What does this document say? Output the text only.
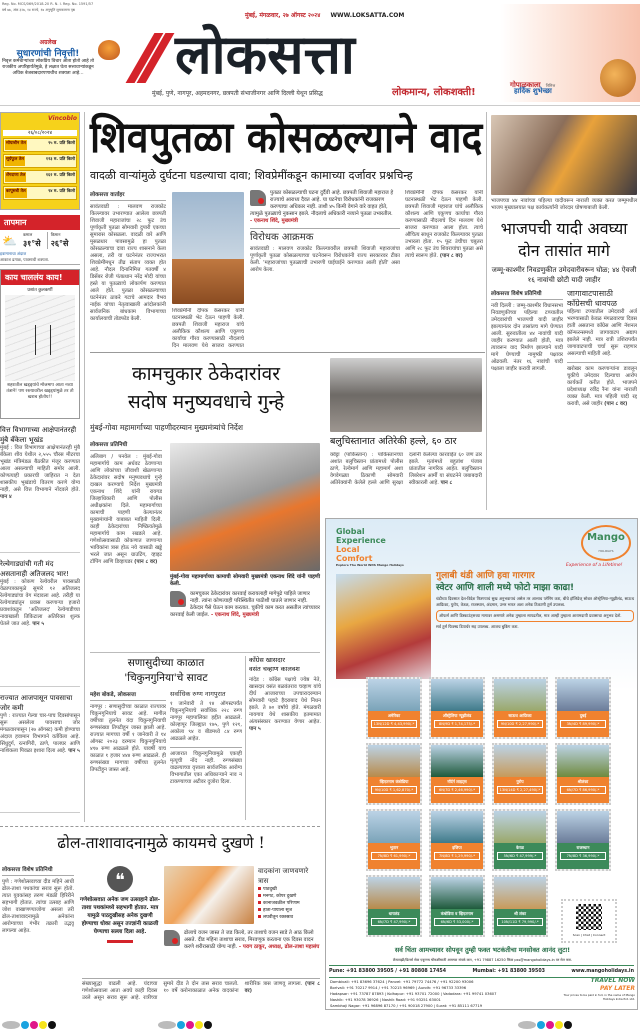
Reg. No. MCS/069/2018-20 R. N. I. Reg. No. 1591/57
वर्ष ७७, अंक ३२७, १४ राज्ये, १७ अनुभूति शुभकामना पृष्ठ
अग्रलेख
सुधारणांची निवृत्ती!
निवृत्त कर्मचाऱ्यांच्या लोकप्रिय विचार आता होतो आहे तो राजकीय अपरिहार्यतेमुळे, हे लक्षात घेता सत्ताधाऱ्यांकडून अधिक बेजबाबदारपणाचीच शक्यता आहे...
मुंबई, मंगळवार, २७ ऑगस्ट २०२४ WWW.LOKSATTA.COM
लोकसत्ता
मुंबई, पुणे, नागपूर, अहमदनगर, छत्रपती संभाजीनगर आणि दिल्ली येथून प्रसिद्ध	लोकमान्य, लोकशक्ती!
गोपाळकाला निमित्त
हार्दिक शुभेच्छा
Vincoblo
२६/०८/२०२४
सोयाबीन तेल	९५ रु. प्रति किलो
सूर्यफूल तेल	१२३ रु. प्रति किलो
शेंगदाणा तेल	१६२ रु. प्रति किलो
कापूसबी तेल	९४ रु. प्रति किलो
तापमान
⛅ कमाल
३१°से
किमान
२६°से
हवामानाचा अंदाज
आकाश ढगाळ, पावसाची शक्यता.
काय चाललंय काय!
प्रशांत कुलकर्णी
शहरातील खड्ड्यांचे मोजमाप आता नव्या तंत्राने! पण रस्त्यावरील खड्ड्यांमुळे तर तो खराब होतोय!!
वित्त विभागाच्या आक्षेपानंतरही मुंबै बँकेला भूखंड
मुंबई : वित्त विभागाच्या आक्षेपानंतरही मुंबै बँकेला शीव येथील २,५५५ चौरस मीटरचा भूखंड मंत्रिमंडळ बैठकीत मंजूर करण्यात आला असल्याची माहिती समोर आली. कोणत्याही प्रकारची जाहिरात न देता शासकीय भूखंडाचे वितरण करणे योग्य नाही, असे वित्त विभागाने नोंदवले होते. पान ४
रेल्वेगाड्यांची गती मंद असतानाही अतिजलद भार!
मुंबई : कोकण रेल्वेवरील पावसाळी वेळापत्रकामुळे सुमारे १२ अतिजलद रेल्वेगाड्यांचा वेग मंदावला आहे. तरीही या रेल्वेगाड्यांतून प्रवास करणाऱ्या हजारो प्रवाशांकडून 'अतिजलद' रेल्वेगाडीच्या नावाखाली तिकिटाला अतिरिक्त शुल्क घेतले जात आहे. पान ५
राज्यात आजपासून पावसाचा जोर कमी
पुणे : राज्यात गेल्या चार-पाच दिवसांपासून सुरू असलेला पावसाचा जोर मंगळवारपासून (२७ ऑगस्ट) कमी होण्याचा अंदाज हवामान विभागाने वर्तविला आहे. सिंधुदुर्ग, रत्नागिरी, ठाणे, पालघर आणि नाशिकला पिवळा इशारा दिला आहे. पान ५
शिवपुतळा कोसळल्याने वाद
वादळी वाऱ्यांमुळे दुर्घटना घडल्याचा दावा; शिवप्रेमींकडून कामाच्या दर्जावर प्रश्नचिन्ह
लोकसत्ता वार्ताहर
सावंतवाडी : मालवण राजकोट किल्ल्यावर उभारण्यात आलेला छत्रपती शिवाजी महाराजांचा २८ फूट उंच पूर्णाकृती पुतळा सोमवारी दुपारी एकच्या सुमारास कोसळला. वादळी वारे आणि मुसळधार पावसामुळे हा पुतळा कोसळल्याचा दावा राज्य शासनाने केला असला, तरी या घटनेनंतर राज्यभरात शिवप्रेमींमधून तीव्र संताप व्यक्त होत आहे. नौदल दिनानिमित्त गतवर्षी ४ डिसेंबर रोजी पंतप्रधान नरेंद्र मोदी यांच्या हस्ते या पुतळ्याचे लोकार्पण करण्यात आले होते. पुतळा कोसळल्याच्या घटनेनंतर ठाकरे गटाचे आमदार वैभव नाईक यांच्या नेतृत्वाखाली आंदोलकांनी सार्वजनिक बांधकाम विभागाच्या कार्यालयाची तोडफोड केली.
शिवप्रेमींनी दीपक केसरकर यांनी घटनास्थळी भेट देऊन पाहणी केली. छत्रपती शिवाजी महाराज यांचे अलौकिक कौशल्य आणि एकूणच कार्याचा गौरव करण्यासाठी नौदलाचे दिन मालवण येथे साजरा करण्यात
पुतळा कोसळल्याची घटना दुर्दैवी आहे. छत्रपती शिवाजी महाराज हे राज्याचे आराध्य दैवत आहे. या घटनेचा विरोधकांनी राजकारण करण्याचा अधिकार नाही. ताशी ४५ किमी वेगाने वारे वाहत होते, त्यामुळे पुतळ्याचे नुकसान झाले. नौदलाचे अधिकारी नव्याने पुतळा उभारतील.
- एकनाथ शिंदे, मुख्यमंत्री
विरोधक आक्रमक
सावंतवाडी : मालवण राजकोट किल्ल्यावरील छत्रपती शिवाजी महाराजांचा पूर्णाकृती पुतळा कोसळल्याच्या घटनेवरून विरोधकांनी राज्य सरकारवर टीका केली. 'महाराजांच्या पुतळ्याची उभारणी घाईघाईने करण्यात आली होती' असा आरोप केला.
शिवप्रेमींनी दीपक केसरकर यांनी घटनास्थळी भेट देऊन पाहणी केली. छत्रपती शिवाजी महाराज यांचे अलौकिक कौशल्य आणि एकूणच कार्याचा गौरव करण्यासाठी नौदलाचे दिन मालवण येथे साजरा करण्यात आला होता. त्याचे औचित्य साधून राजकोट किल्ल्यावर पुतळा उभारला होता. १५ फूट उंचीचा चबुतरा आणि २८ फूट उंच शिवरायांचा पुतळा असे त्याचे स्वरूप होते. (पान ८ वर)
भाजपच्या ४४ नावांच्या पहिल्या यादीवरून नाराजी व्यक्त करत जम्मूमधील भाजप मुख्यालयात पक्ष कार्यकर्त्यांनी जोरदार घोषणाबाजी केली.
भाजपची यादी अवघ्या दोन तासांत मागे
जम्मू-काश्मीर निवडणुकीत उमेदवारीवरून घोळ; ४४ ऐवजी १६ नावांची छोटी यादी जाहीर
लोकसत्ता विशेष प्रतिनिधी
नवी दिल्ली : जम्मू-काश्मीर विधानसभा निवडणुकीच्या पहिल्या टप्प्यातील उमेदवारांची भाजपची यादी जाहीर झाल्यानंतर दोन तासांतच मागे घेण्यात आली. सुरुवातीला ४४ नावांची यादी जाहीर करण्यात आली होती, मात्र त्यावरून वाद निर्माण झाल्याने यादी मागे घेण्याची नामुष्की पक्षावर ओढवली. नंतर १६ नावांची यादी पक्षाला जाहीर करावी लागली.
जागावाटपासाठी काँग्रेसची धावपळ
पहिल्या टप्प्यातील उमेदवारी अर्ज भरण्यासाठी केवळ मंगळवारचा दिवस हाती असताना काँग्रेस आणि नॅशनल कॉन्फरन्समध्ये जागावाटप अद्याप झालेले नाही. मात्र रात्री उशिरापर्यंत जागावाटपाची चर्चा सुरू राहणार असल्याची माहिती आहे.
खरोखर काम करणाऱ्यांना डावलून चुकीचे उमेदवार दिल्याचा आरोप कार्यकर्ते करीत होते. भाजपने प्रदेशाध्यक्ष रवींद्र रैना यांना नाराजी व्यक्त केली. मात्र पहिली यादी रद्द करावी, असे जाहीर (पान ८ वर)
कामचुकार ठेकेदारांवर
सदोष मनुष्यवधाचे गुन्हे
मुंबई-गोवा महामार्गाच्या पाहणीदरम्यान मुख्यमंत्र्यांचे निर्देश
लोकसत्ता प्रतिनिधी
अलिबाग / पनवेल : मुंबई-गोवा महामार्गाचे काम अर्धवट ठेवणाऱ्या आणि लोकांच्या जीवाशी खेळणाऱ्या ठेकेदारांवर सदोष मनुष्यवधाचे गुन्हे दाखल करण्याचे निर्देश मुख्यमंत्री एकनाथ शिंदे यांनी रायगड जिल्हाधिकारी आणि पोलीस अधीक्षकांना दिले. महामार्गाच्या कामाची पाहणी केल्यानंतर मुख्यमंत्र्यांनी याबाबत माहिती दिली. काही ठेकेदारांच्या निष्क्रियतेमुळे महामार्गाचे काम रखडले आहे. गणेशोत्सवासाठी कोकणात जाणाऱ्या भाविकांना त्रास होऊ नये यासाठी खड्डे भरले जात असून ग्राउटिंग, व्हाइट टॉपिंग आणि डिव्हायडर (पान ८ वर)
मुंबई-गोवा महामार्गाच्या कामाची सोमवारी मुख्यमंत्री एकनाथ शिंदे यांनी पाहणी केली.
कामचुकार ठेकेदारांवर कारवाई करायलाही मागेपुढे पाहिले जाणार नाही. त्यांना कोणत्याही परिस्थितीत पाठीशी घातले जाणार नाही. ठेकेदार पैसे घेऊन काम करतात. चुकीचे काम करत असतील त्यांच्यावर कारवाई केली जाईल. - एकनाथ शिंदे, मुख्यमंत्री
बलुचिस्तानात अतिरेकी हल्ले, ६० ठार
क्वेट्टा (पाकिस्तान) : पाकिस्तानच्या अशांत बलुचिस्तान प्रांतामध्ये पोलीस ठाणे, रेल्वेमार्ग आणि महामार्ग अशा वेगवेगळ्या ठिकाणी सोमवारी अतिरेक्यांनी केलेले हल्ले आणि सुरक्षा दलांनी केलेल्या कारवाईत ६० जण ठार झाले. मृतांमध्ये बहुतांश पंजाब प्रांतातील नागरिक आहेत. बलुचिस्तान लिबरेशन आर्मी या संघटनेने जबाबदारी स्वीकारली आहे. पान ८
सणासुदीच्या काळात
'चिकुनगुनिया'चे सावट
महेश बोकडे, लोकसत्ता
नागपूर : सणासुदीच्या काळात राज्यावर चिकुनगुनियाचे सावट आहे. मागील वर्षीच्या तुलनेत यंदा चिकुनगुनियाची रुग्णसंख्या तिपटीहून जास्त झाली आहे. राज्यात मागच्या वर्षी १ जानेवारी ते १४ ऑगस्ट २०२३ दरम्यान चिकुनगुनियाचे ४१७ रुग्ण आढळले होते. यावर्षी याच काळात १ हजार ४४४ रुग्ण आढळले. ही रुग्णसंख्या मागच्या वर्षीच्या तुलनेत तिपटीहून जास्त आहे.
सर्वाधिक रुग्ण नागपुरात
१ जानेवारी ते १४ ऑगस्टपर्यंत चिकुनगुनियाचे सर्वाधिक २२८ रुग्ण नागपूर महापालिका हद्दीत आढळले. कोल्हापूर जिल्ह्यात १७५, पुणे १२१, अकोला ९४ व बीडमध्ये ८४ रुग्ण आढळले आहेत.
आजारात चिकुनगुनियामुळे एकाही मृत्यूची नोंद नाही. रुग्णसंख्या वाढल्याच्या वृत्ताला सार्वजनिक आरोग्य विभागातील एका अधिकाऱ्याने नाव न टाकण्याच्या अटीवर दुजोरा दिला.
कॉंग्रेस खासदार
वसंत चव्हाण कालवश
नांदेड : काँग्रेस पक्षाचे ज्येष्ठ नेते, खासदार वसंत बळवंतराव चव्हाण यांचे दीर्घ आजाराच्या उपचारादरम्यान सोमवारी पहाटे हैदराबाद येथे निधन झाले. ते ७० वर्षांचे होते. मंगळवारी नायगाव येथे शासकीय इतमामात अंत्यसंस्कार करण्यात येणार आहेत. पान ५
ढोल-ताशावादनामुळे कायमचे दुखणे !
लोकसत्ता विशेष प्रतिनिधी
पुणे : गणेशोत्सवाच्या दीड महिने आधी ढोल-ताशा पथकांचा सराव सुरू होतो. त्यात युवकांसह तरुण मंडळी हिरिरीने सहभागी होतात. त्यांचा उत्साह आणि जोश वाखाणण्याजोगा असला तरी ढोल-ताशावादनामुळे अनेकांना आरोग्याच्या गंभीर तक्रारी उद्भवू लागल्या आहेत.
❝
गणेशोत्सवात अनेक जण उत्साहाने ढोल-ताशा पथकांमध्ये सहभागी होतात. मात्र यामुळे पाठदुखीसह अनेक दुखणी होण्याचा धोका असून तज्ज्ञांनी काळजी घेण्याचा सल्ला दिला आहे.
वादकांना जाणवणारे त्रास
पाठदुखी
मनगट, कोपर दुखणे
कानाजवळील परिणाम
हाता-पायाला सूज
लघवीतून रक्तस्राव
ढोलाचे वजन जास्त ते जड किलो, तर ताशाचे वजन साडे ते आठ किलो असते. दीड महिना ताशाचा सराव, मिरवणूक करताना एक दिवस वादन करणे शरीरासाठी योग्य नाही. - पराग ठाकूर, अध्यक्ष, ढोल-ताशा महासंघ
संख्यासुद्धा वाढली आहे. यंदाच्या गणेशोत्सवाला आता अवघे काही दिवस उरले असून सराव सुरू आहे. रात्रीच्या सुमारे दीड ते दोन तास सराव चालतो. १० वर्षे करोनाकाळात अनेक वादकांना शारीरिक त्रास जाणवू लागला. (पान ८ वर)
Global
Experience
Local
Comfort
Explore The World With Mango Holidays
Mango
HOLIDAYS
Experience of a Lifetime!
गुलाबी थंडी आणि हवा गारगार
स्वेटर आणि शाली मध्ये फोटो माझा काढा!
थंडीच्या दिवसात देश-विदेश फिरण्याचं सुख अनुभवायचं असेल तर आत्ताच प्लॅनिंग करा, बीचे हॉलिडेज् सोबत ऑस्ट्रेलिया-न्यूझीलंड, साऊथ आफ्रिका, युरोप, केरळ, राजस्थान, अंदमान, उत्तर भारत अशा अनेक ठिकाणी टूर्स उपलब्ध.
ऑफर्स आणि डिस्काउंट्सच्या मागावर असणारे अनेक तुम्हाला सापडतील, मात्र आम्ही तुम्हाला आरामदायी प्रवासाचा अनुभव देतो.
सर्व टूर्स फिक्स्ड डिपार्चर सह उपलब्ध. आजच बुकिंग करा.
अमेरिका
13N/12D ₹ 4,43,990/-*
ऑस्ट्रेलिया न्यूझीलंड
8N/9D ₹ 1,74,175/-*
साऊथ आफ्रिका
9N/10D ₹ 2,27,990/-*
दुबई
3N/4D ₹ 89,990/-*
व्हिएतनाम कंबोडिया
9N/10D ₹ 1,62,870/-*
नॉर्दर्न लाइट्स
6N/7D ₹ 2,46,990/-*
युरोप
13N/14D ₹ 2,27,490/-*
श्रीलंका
6N/7D ₹ 86,990/-*
भूतान
7N/8D ₹ 61,990/-*
इजिप्त
7N/8D ₹ 1,29,990/-*
केरळ
5N/6D ₹ 47,999/-*
राजस्थान
7N/8D ₹ 36,990/-*
थायलंड
6N/7D ₹ 47,990/-*
कंबोडिया व व्हिएतनाम
6N/6D ₹ 53,000/-*
श्री लंका
10N/11D ₹ 79,990/-*
Scan | Chat | Connect
सर्व चिंता आमच्यावर सोपवून तुम्ही फक्त भटकंतीचा मनसोक्त आनंद लुटा!
फ्रँचायझी/डिलर्स सेवा एकूणच चौकशीसाठी आमच्या संपर्क करा, +91 79887 16250 किंवा pss@mangoholidays.in वर मेल करा.
Pune: +91 83800 39505 / +91 80808 17454	Mumbai: +91 83800 39503	www.mangoholidays.in
Dombivali: +91 83696 37624 | Panvel: +91 79772 74476 / +91 92200 93006
Borivali: +91 70217 9914 / +91 70215 96969 | Aundh: +91 96733 33396
Hadapsar: +91 73787 87893 | Kolhapur: +91 93701 72000 | Vadodara: +91 99741 03607
Nashik: +91 93078 36926 | Nashik Road: +91 93251 63001
Sambhaji Nagar: +91 96896 87170 / +91 90018 27900 | Surat: +91 85111 67719
TRAVEL NOW
PAY LATER
Tour prices to be paid in full, in the name of Mango Holidays India Pvt. Ltd.
